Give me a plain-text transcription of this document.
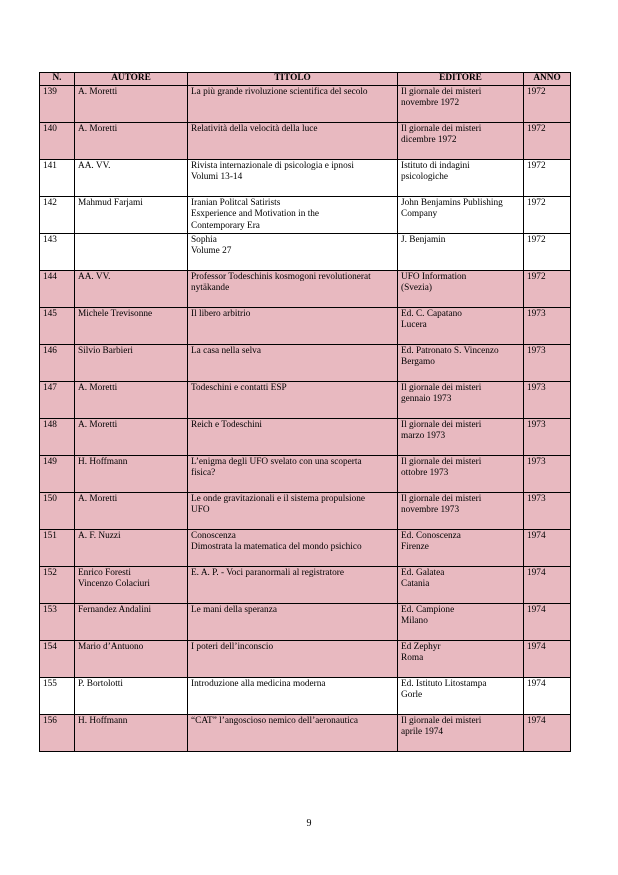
N.	AUTORE	TITOLO	EDITORE	ANNO
139	A. Moretti	La più grande rivoluzione scientifica del secolo	Il giornale dei misteri
novembre 1972	1972
140	A. Moretti	Relatività della velocità della luce	Il giornale dei misteri
dicembre 1972	1972
141	AA. VV.	Rivista internazionale di psicologia e ipnosi
Volumi 13-14	Istituto di indagini
psicologiche	1972
142	Mahmud Farjami	Iranian Politcal Satirists
Esxperience and Motivation in the
Contemporary Era	John Benjamins Publishing
Company	1972
143		Sophia
Volume 27	J. Benjamin	1972
144	AA. VV.	Professor Todeschinis kosmogoni revolutionerat
nytäkande	UFO Information
(Svezia)	1972
145	Michele Trevisonne	Il libero arbitrio	Ed. C. Capatano
Lucera	1973
146	Silvio Barbieri	La casa nella selva	Ed. Patronato S. Vincenzo
Bergamo	1973
147	A. Moretti	Todeschini e contatti ESP	Il giornale dei misteri
gennaio 1973	1973
148	A. Moretti	Reich e Todeschini	Il giornale dei misteri
marzo 1973	1973
149	H. Hoffmann	L’enigma degli UFO svelato con una scoperta
fisica?	Il giornale dei misteri
ottobre 1973	1973
150	A. Moretti	Le onde gravitazionali e il sistema propulsione
UFO	Il giornale dei misteri
novembre 1973	1973
151	A. F. Nuzzi	Conoscenza
Dimostrata la matematica del mondo psichico	Ed. Conoscenza
Firenze	1974
152	Enrico Foresti
Vincenzo Colaciuri	E. A. P. - Voci paranormali al registratore	Ed. Galatea
Catania	1974
153	Fernandez Andalini	Le mani della speranza	Ed. Campione
Milano	1974
154	Mario d’Antuono	I poteri dell’inconscio	Ed Zephyr
Roma	1974
155	P. Bortolotti	Introduzione alla medicina moderna	Ed. Istituto Litostampa
Gorle	1974
156	H. Hoffmann	“CAT” l’angoscioso nemico dell’aeronautica	Il giornale dei misteri
aprile 1974	1974
9
